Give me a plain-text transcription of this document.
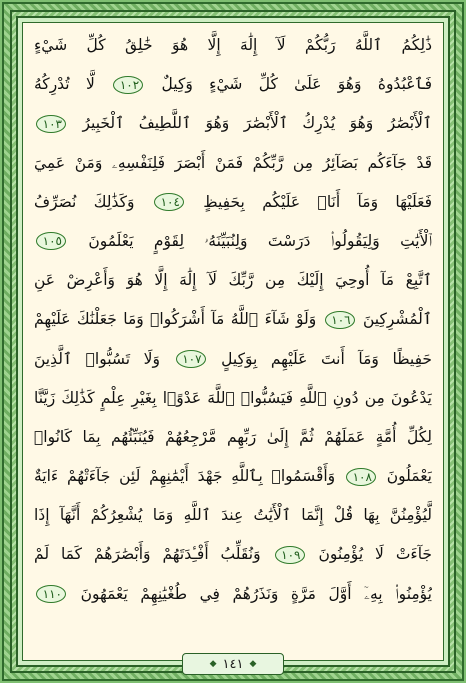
ذَٰلِكُمُ ٱللَّهُ رَبُّكُمْ لَآ إِلَٰهَ إِلَّا هُوَ خَٰلِقُ كُلِّ شَيْءٍ
فَٱعْبُدُوهُ وَهُوَ عَلَىٰ كُلِّ شَيْءٍ وَكِيلٌ ١٠٢ لَّا تُدْرِكُهُ
ٱلْأَبْصَٰرُ وَهُوَ يُدْرِكُ ٱلْأَبْصَٰرَ وَهُوَ ٱللَّطِيفُ ٱلْخَبِيرُ ١٠٣
قَدْ جَآءَكُم بَصَآئِرُ مِن رَّبِّكُمْ فَمَنْ أَبْصَرَ فَلِنَفْسِهِۦ وَمَنْ عَمِيَ
فَعَلَيْهَا وَمَآ أَنَا۠ عَلَيْكُم بِحَفِيظٍ ١٠٤ وَكَذَٰلِكَ نُصَرِّفُ
ٱلْأَيَٰتِ وَلِيَقُولُوا۟ دَرَسْتَ وَلِنُبَيِّنَهُۥ لِقَوْمٍ يَعْلَمُونَ ١٠٥
ٱتَّبِعْ مَآ أُوحِيَ إِلَيْكَ مِن رَّبِّكَ لَآ إِلَٰهَ إِلَّا هُوَ وَأَعْرِضْ عَنِ
ٱلْمُشْرِكِينَ ١٠٦ وَلَوْ شَآءَ ٱللَّهُ مَآ أَشْرَكُوا۟ وَمَا جَعَلْنَٰكَ عَلَيْهِمْ
حَفِيظًا وَمَآ أَنتَ عَلَيْهِم بِوَكِيلٍ ١٠٧ وَلَا تَسُبُّوا۟ ٱلَّذِينَ
يَدْعُونَ مِن دُونِ ٱللَّهِ فَيَسُبُّوا۟ ٱللَّهَ عَدْوًۢا بِغَيْرِ عِلْمٍ كَذَٰلِكَ زَيَّنَّا
لِكُلِّ أُمَّةٍ عَمَلَهُمْ ثُمَّ إِلَىٰ رَبِّهِم مَّرْجِعُهُمْ فَيُنَبِّئُهُم بِمَا كَانُوا۟
يَعْمَلُونَ ١٠٨ وَأَقْسَمُوا۟ بِٱللَّهِ جَهْدَ أَيْمَٰنِهِمْ لَئِن جَآءَتْهُمْ ءَايَةٌ
لَّيُؤْمِنُنَّ بِهَا قُلْ إِنَّمَا ٱلْأَيَٰتُ عِندَ ٱللَّهِ وَمَا يُشْعِرُكُمْ أَنَّهَآ إِذَا
جَآءَتْ لَا يُؤْمِنُونَ ١٠٩ وَنُقَلِّبُ أَفْـِٔدَتَهُمْ وَأَبْصَٰرَهُمْ كَمَا لَمْ
يُؤْمِنُوا۟ بِهِۦٓ أَوَّلَ مَرَّةٍ وَنَذَرُهُمْ فِي طُغْيَٰنِهِمْ يَعْمَهُونَ ١١٠
◆ ١٤١ ◆
